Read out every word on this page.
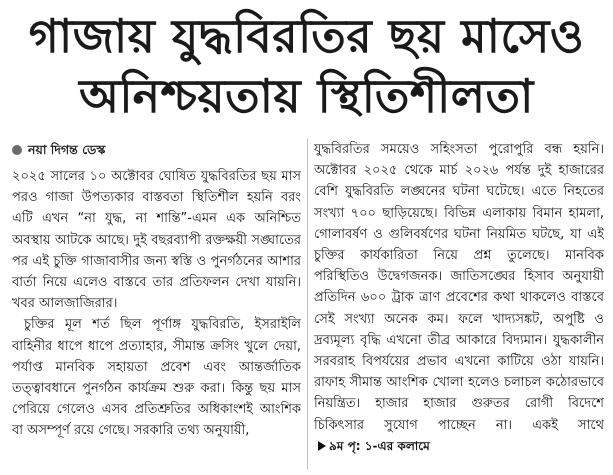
গাজায় যুদ্ধবিরতির ছয় মাসেও
অনিশ্চয়তায় স্থিতিশীলতা
নয়া দিগন্ত ডেস্ক

২০২৫ সালের ১০ অক্টোবর ঘোষিত যুদ্ধবিরতির ছয় মাস পরও গাজা উপত্যকার বাস্তবতা স্থিতিশীল হয়নি বরং এটি এখন “না যুদ্ধ, না শান্তি”-এমন এক অনিশ্চিত অবস্থায় আটকে আছে। দুই বছরব্যাপী রক্তক্ষয়ী সঙ্ঘাতের পর এই চুক্তি গাজাবাসীর জন্য স্বস্তি ও পুনর্গঠনের আশার বার্তা নিয়ে এলেও বাস্তবে তার প্রতিফলন দেখা যায়নি। খবর আলজাজিরার।

চুক্তির মূল শর্ত ছিল পূর্ণাঙ্গ যুদ্ধবিরতি, ইসরাইলি বাহিনীর ধাপে ধাপে প্রত্যাহার, সীমান্ত ক্রসিং খুলে দেয়া, পর্যাপ্ত মানবিক সহায়তা প্রবেশ এবং আন্তর্জাতিক তত্ত্বাবধানে পুনর্গঠন কার্যক্রম শুরু করা। কিন্তু ছয় মাস পেরিয়ে গেলেও এসব প্রতিশ্রুতির অধিকাংশই আংশিক বা অসম্পূর্ণ রয়ে গেছে। সরকারি তথ্য অনুযায়ী,

যুদ্ধবিরতির সময়েও সহিংসতা পুরোপুরি বন্ধ হয়নি। অক্টোবর ২০২৫ থেকে মার্চ ২০২৬ পর্যন্ত দুই হাজারের বেশি যুদ্ধবিরতি লঙ্ঘনের ঘটনা ঘটেছে। এতে নিহতের সংখ্যা ৭০০ ছাড়িয়েছে। বিভিন্ন এলাকায় বিমান হামলা, গোলাবর্ষণ ও গুলিবর্ষণের ঘটনা নিয়মিত ঘটছে, যা এই চুক্তির কার্যকারিতা নিয়ে প্রশ্ন তুলেছে। মানবিক পরিস্থিতিও উদ্বেগজনক। জাতিসঙ্ঘের হিসাব অনুযায়ী প্রতিদিন ৬০০ ট্রাক ত্রাণ প্রবেশের কথা থাকলেও বাস্তবে সেই সংখ্যা অনেক কম। ফলে খাদ্যসঙ্কট, অপুষ্টি ও দ্রব্যমূল্য বৃদ্ধি এখনো তীব্র আকারে বিদ্যমান। যুদ্ধকালীন সরবরাহ বিপর্যয়ের প্রভাব এখনো কাটিয়ে ওঠা যায়নি। রাফাহ সীমান্ত আংশিক খোলা হলেও চলাচল কঠোরভাবে নিয়ন্ত্রিত। হাজার হাজার গুরুতর রোগী বিদেশে চিকিৎসার সুযোগ পাচ্ছেন না। একই সাথে৯ম পৃ: ১-এর কলামে
